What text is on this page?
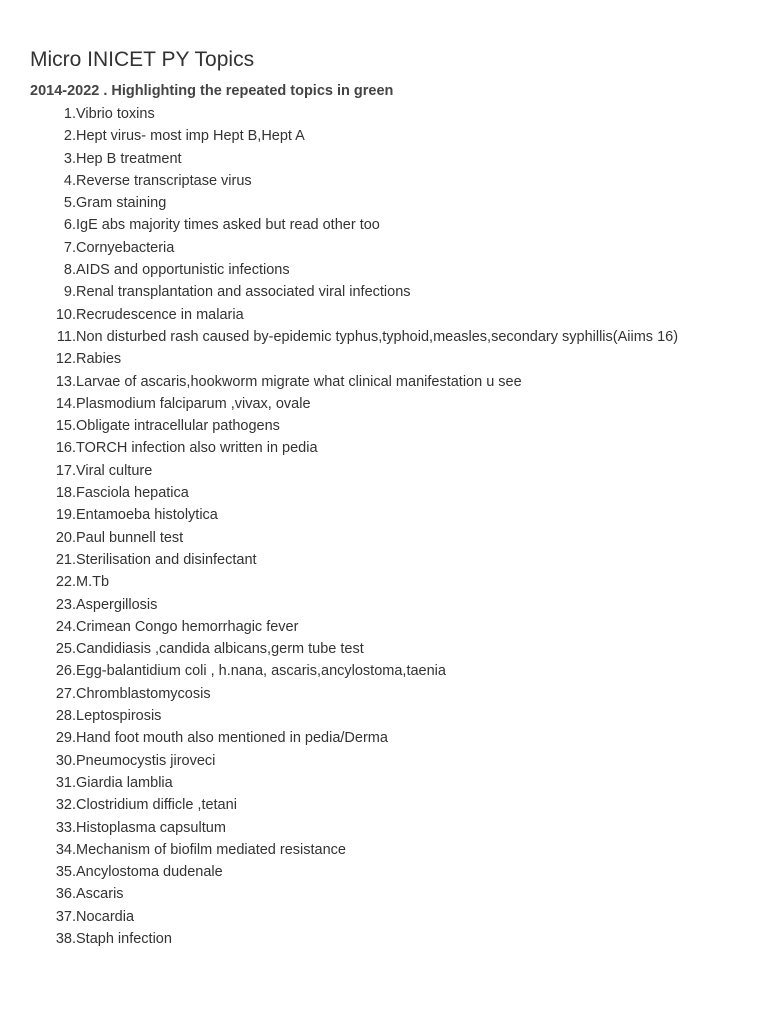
Micro INICET PY Topics
2014-2022 . Highlighting the repeated topics in green
1. Vibrio toxins
2. Hept virus- most imp Hept B,Hept A
3. Hep B treatment
4. Reverse transcriptase virus
5. Gram staining
6. IgE abs majority times asked but read other too
7. Cornyebacteria
8. AIDS and opportunistic infections
9. Renal transplantation and associated viral infections
10. Recrudescence in malaria
11. Non disturbed rash caused by-epidemic typhus,typhoid,measles,secondary syphillis(Aiims 16)
12. Rabies
13. Larvae of ascaris,hookworm migrate what clinical manifestation u see
14. Plasmodium falciparum ,vivax, ovale
15. Obligate intracellular pathogens
16. TORCH infection also written in pedia
17. Viral culture
18. Fasciola hepatica
19. Entamoeba histolytica
20. Paul bunnell test
21. Sterilisation and disinfectant
22. M.Tb
23. Aspergillosis
24. Crimean Congo hemorrhagic fever
25. Candidiasis ,candida albicans,germ tube test
26. Egg-balantidium coli , h.nana, ascaris,ancylostoma,taenia
27. Chromblastomycosis
28. Leptospirosis
29. Hand foot mouth also mentioned in pedia/Derma
30. Pneumocystis jiroveci
31. Giardia lamblia
32. Clostridium difficle ,tetani
33. Histoplasma capsultum
34. Mechanism of biofilm mediated resistance
35. Ancylostoma dudenale
36. Ascaris
37. Nocardia
38. Staph infection
